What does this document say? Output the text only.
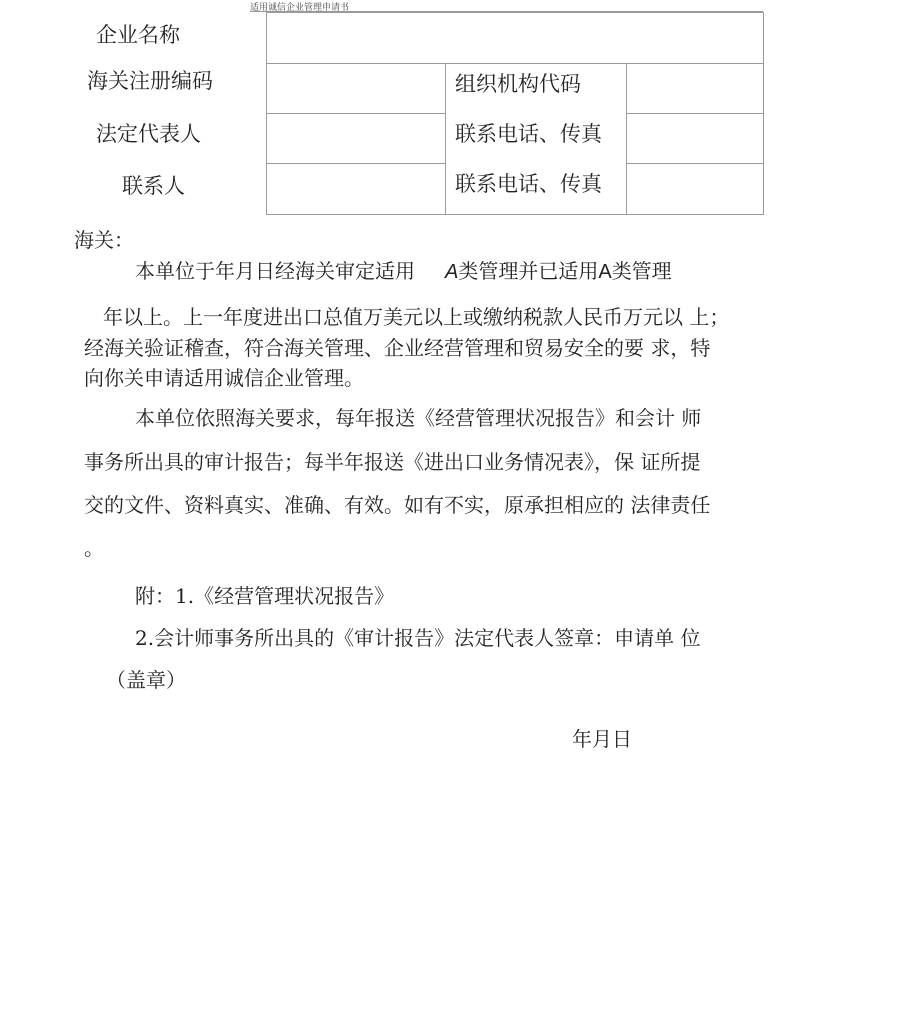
适用诚信企业管理申请书
企业名称
海关注册编码	组织机构代码
法定代表人	联系电话、传真
联系人	联系电话、传真
海关：
本单位于年月日经海关审定适用 A类管理并已适用A类管理
年以上。上一年度进出口总值万美元以上或缴纳税款人民币万元以 上；
经海关验证稽查，符合海关管理、企业经营管理和贸易安全的要 求，特
向你关申请适用诚信企业管理。
本单位依照海关要求，每年报送《经营管理状况报告》和会计 师
事务所出具的审计报告；每半年报送《进出口业务情况表》，保 证所提
交的文件、资料真实、准确、有效。如有不实，原承担相应的 法律责任
。
附：1.《经营管理状况报告》
2.会计师事务所出具的《审计报告》法定代表人签章：申请单 位
（盖章）
年月日
